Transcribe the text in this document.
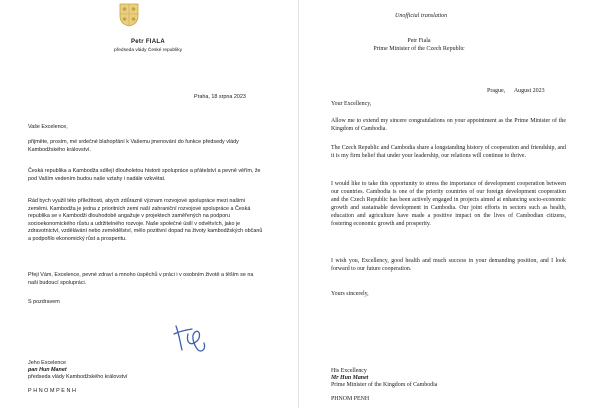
Petr FIALA
předseda vlády České republiky
Praha, 18 srpna 2023
Vaše Excelence,
přijměte, prosím, mé srdečné blahopřání k Vašemu jmenování do funkce předsedy vlády Kambodžského království.
Česká republika a Kambodža sdílejí dlouholetou historii spolupráce a přátelství a pevně věřím, že pod Vaším vedením budou naše vztahy i nadále vzkvétat.
Rád bych využil této příležitosti, abych zdůraznil význam rozvojové spolupráce mezi našimi zeměmi. Kambodža je jedna z prioritních zemí naší zahraniční rozvojové spolupráce a Česká republika se v Kambodži dlouhodobě angažuje v projektech zaměřených na podporu socioekonomického růstu a udržitelného rozvoje. Naše společné úsilí v odvětvích, jako je zdravotnictví, vzdělávání nebo zemědělství, mělo pozitivní dopad na životy kambodžských občanů a podpořilo ekonomický růst a prosperitu.
Přeji Vám, Excelence, pevné zdraví a mnoho úspěchů v práci i v osobním životě a těším se na naši budoucí spolupráci.
S pozdravem
Jeho Excelence
pan Hun Manet
předseda vlády Kambodžského království
PHNOMPENH
Unofficial translation
Petr Fiala
Prime Minister of the Czech Republic
Prague,      August 2023
Your Excellency,
Allow me to extend my sincere congratulations on your appointment as the Prime Minister of the Kingdom of Cambodia.
The Czech Republic and Cambodia share a longstanding history of cooperation and friendship, and it is my firm belief that under your leadership, our relations will continue to thrive.
I would like to take this opportunity to stress the importance of development cooperation between our countries. Cambodia is one of the priority countries of our foreign development cooperation and the Czech Republic has been actively engaged in projects aimed at enhancing socio-economic growth and sustainable development in Cambodia. Our joint efforts in sectors such as health, education and agriculture have made a positive impact on the lives of Cambodian citizens, fostering economic growth and prosperity.
I wish you, Excellency, good health and much success in your demanding position, and I look forward to our future cooperation.
Yours sincerely,
His Excellency
Mr Hun Manet
Prime Minister of the Kingdom of Cambodia
PHNOM PENH
